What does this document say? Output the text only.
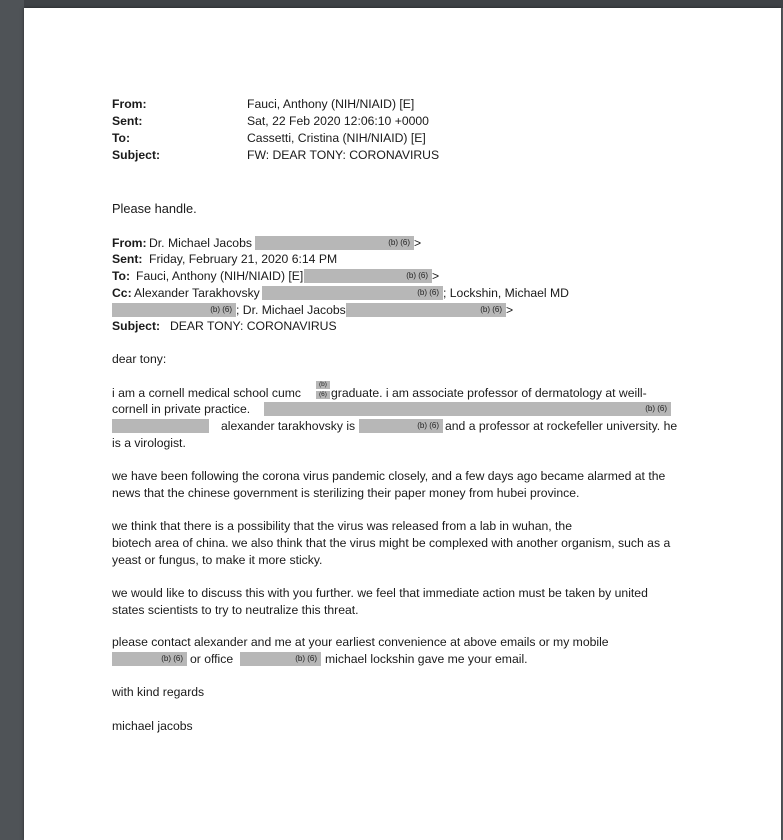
From:	Fauci, Anthony (NIH/NIAID) [E]
Sent:	Sat, 22 Feb 2020 12:06:10 +0000
To:	Cassetti, Cristina (NIH/NIAID) [E]
Subject:	FW: DEAR TONY: CORONAVIRUS
Please handle.
From: Dr. Michael Jacobs	(b) (6) >
Sent: Friday, February 21, 2020 6:14 PM
To: Fauci, Anthony (NIH/NIAID) [E]	(b) (6) >
Cc: Alexander Tarakhovsky	(b) (6) ; Lockshin, Michael MD
(b) (6) ; Dr. Michael Jacobs	(b) (6) >
Subject: DEAR TONY: CORONAVIRUS
dear tony:
i am a cornell medical school cumc
(b)
(6) graduate. i am associate professor of dermatology at weill-
cornell in private practice.	(b) (6)
alexander tarakhovsky is	(b) (6) and a professor at rockefeller university. he
is a virologist.
we have been following the corona virus pandemic closely, and a few days ago became alarmed at the
news that the chinese government is sterilizing their paper money from hubei province.
we think that there is a possibility that the virus was released from a lab in wuhan, the
biotech area of china. we also think that the virus might be complexed with another organism, such as a
yeast or fungus, to make it more sticky.
we would like to discuss this with you further. we feel that immediate action must be taken by united
states scientists to try to neutralize this threat.
please contact alexander and me at your earliest convenience at above emails or my mobile
(b) (6) or office	(b) (6) michael lockshin gave me your email.
with kind regards
michael jacobs
